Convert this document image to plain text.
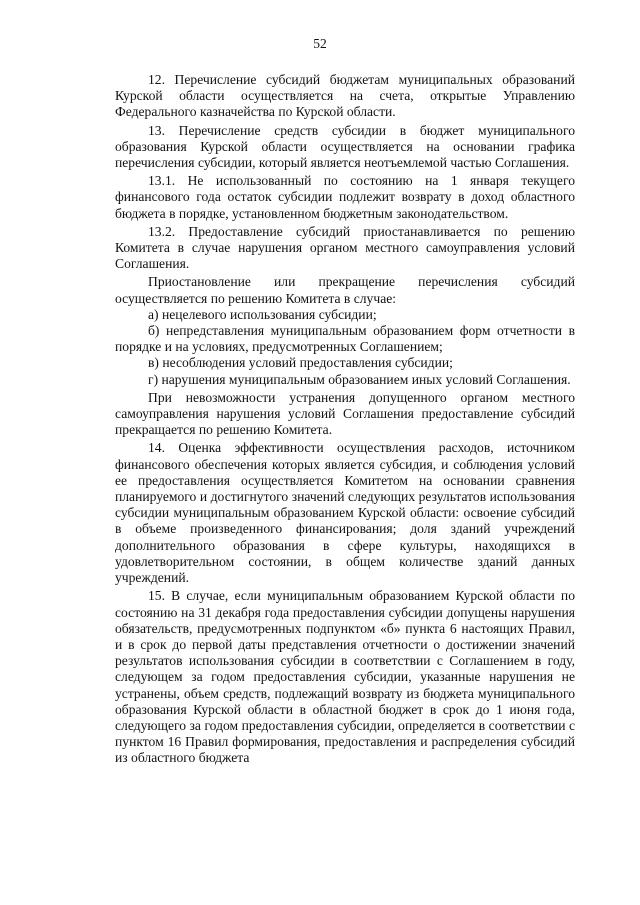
52

12. Перечисление субсидий бюджетам муниципальных образований Курской области осуществляется на счета, открытые Управлению Федерального казначейства по Курской области.

13. Перечисление средств субсидии в бюджет муниципального образования Курской области осуществляется на основании графика перечисления субсидии, который является неотъемлемой частью Соглашения.

13.1. Не использованный по состоянию на 1 января текущего финансового года остаток субсидии подлежит возврату в доход областного бюджета в порядке, установленном бюджетным законодательством.

13.2. Предоставление субсидий приостанавливается по решению Комитета в случае нарушения органом местного самоуправления условий Соглашения.

Приостановление или прекращение перечисления субсидий осуществляется по решению Комитета в случае:

а) нецелевого использования субсидии;

б) непредставления муниципальным образованием форм отчетности в порядке и на условиях, предусмотренных Соглашением;

в) несоблюдения условий предоставления субсидии;

г) нарушения муниципальным образованием иных условий Соглашения.

При невозможности устранения допущенного органом местного самоуправления нарушения условий Соглашения предоставление субсидий прекращается по решению Комитета.

14. Оценка эффективности осуществления расходов, источником финансового обеспечения которых является субсидия, и соблюдения условий ее предоставления осуществляется Комитетом на основании сравнения планируемого и достигнутого значений следующих результатов использования субсидии муниципальным образованием Курской области: освоение субсидий в объеме произведенного финансирования; доля зданий учреждений дополнительного образования в сфере культуры, находящихся в удовлетворительном состоянии, в общем количестве зданий данных учреждений.

15. В случае, если муниципальным образованием Курской области по состоянию на 31 декабря года предоставления субсидии допущены нарушения обязательств, предусмотренных подпунктом «б» пункта 6 настоящих Правил, и в срок до первой даты представления отчетности о достижении значений результатов использования субсидии в соответствии с Соглашением в году, следующем за годом предоставления субсидии, указанные нарушения не устранены, объем средств, подлежащий возврату из бюджета муниципального образования Курской области в областной бюджет в срок до 1 июня года, следующего за годом предоставления субсидии, определяется в соответствии с пунктом 16 Правил формирования, предоставления и распределения субсидий из областного бюджета
